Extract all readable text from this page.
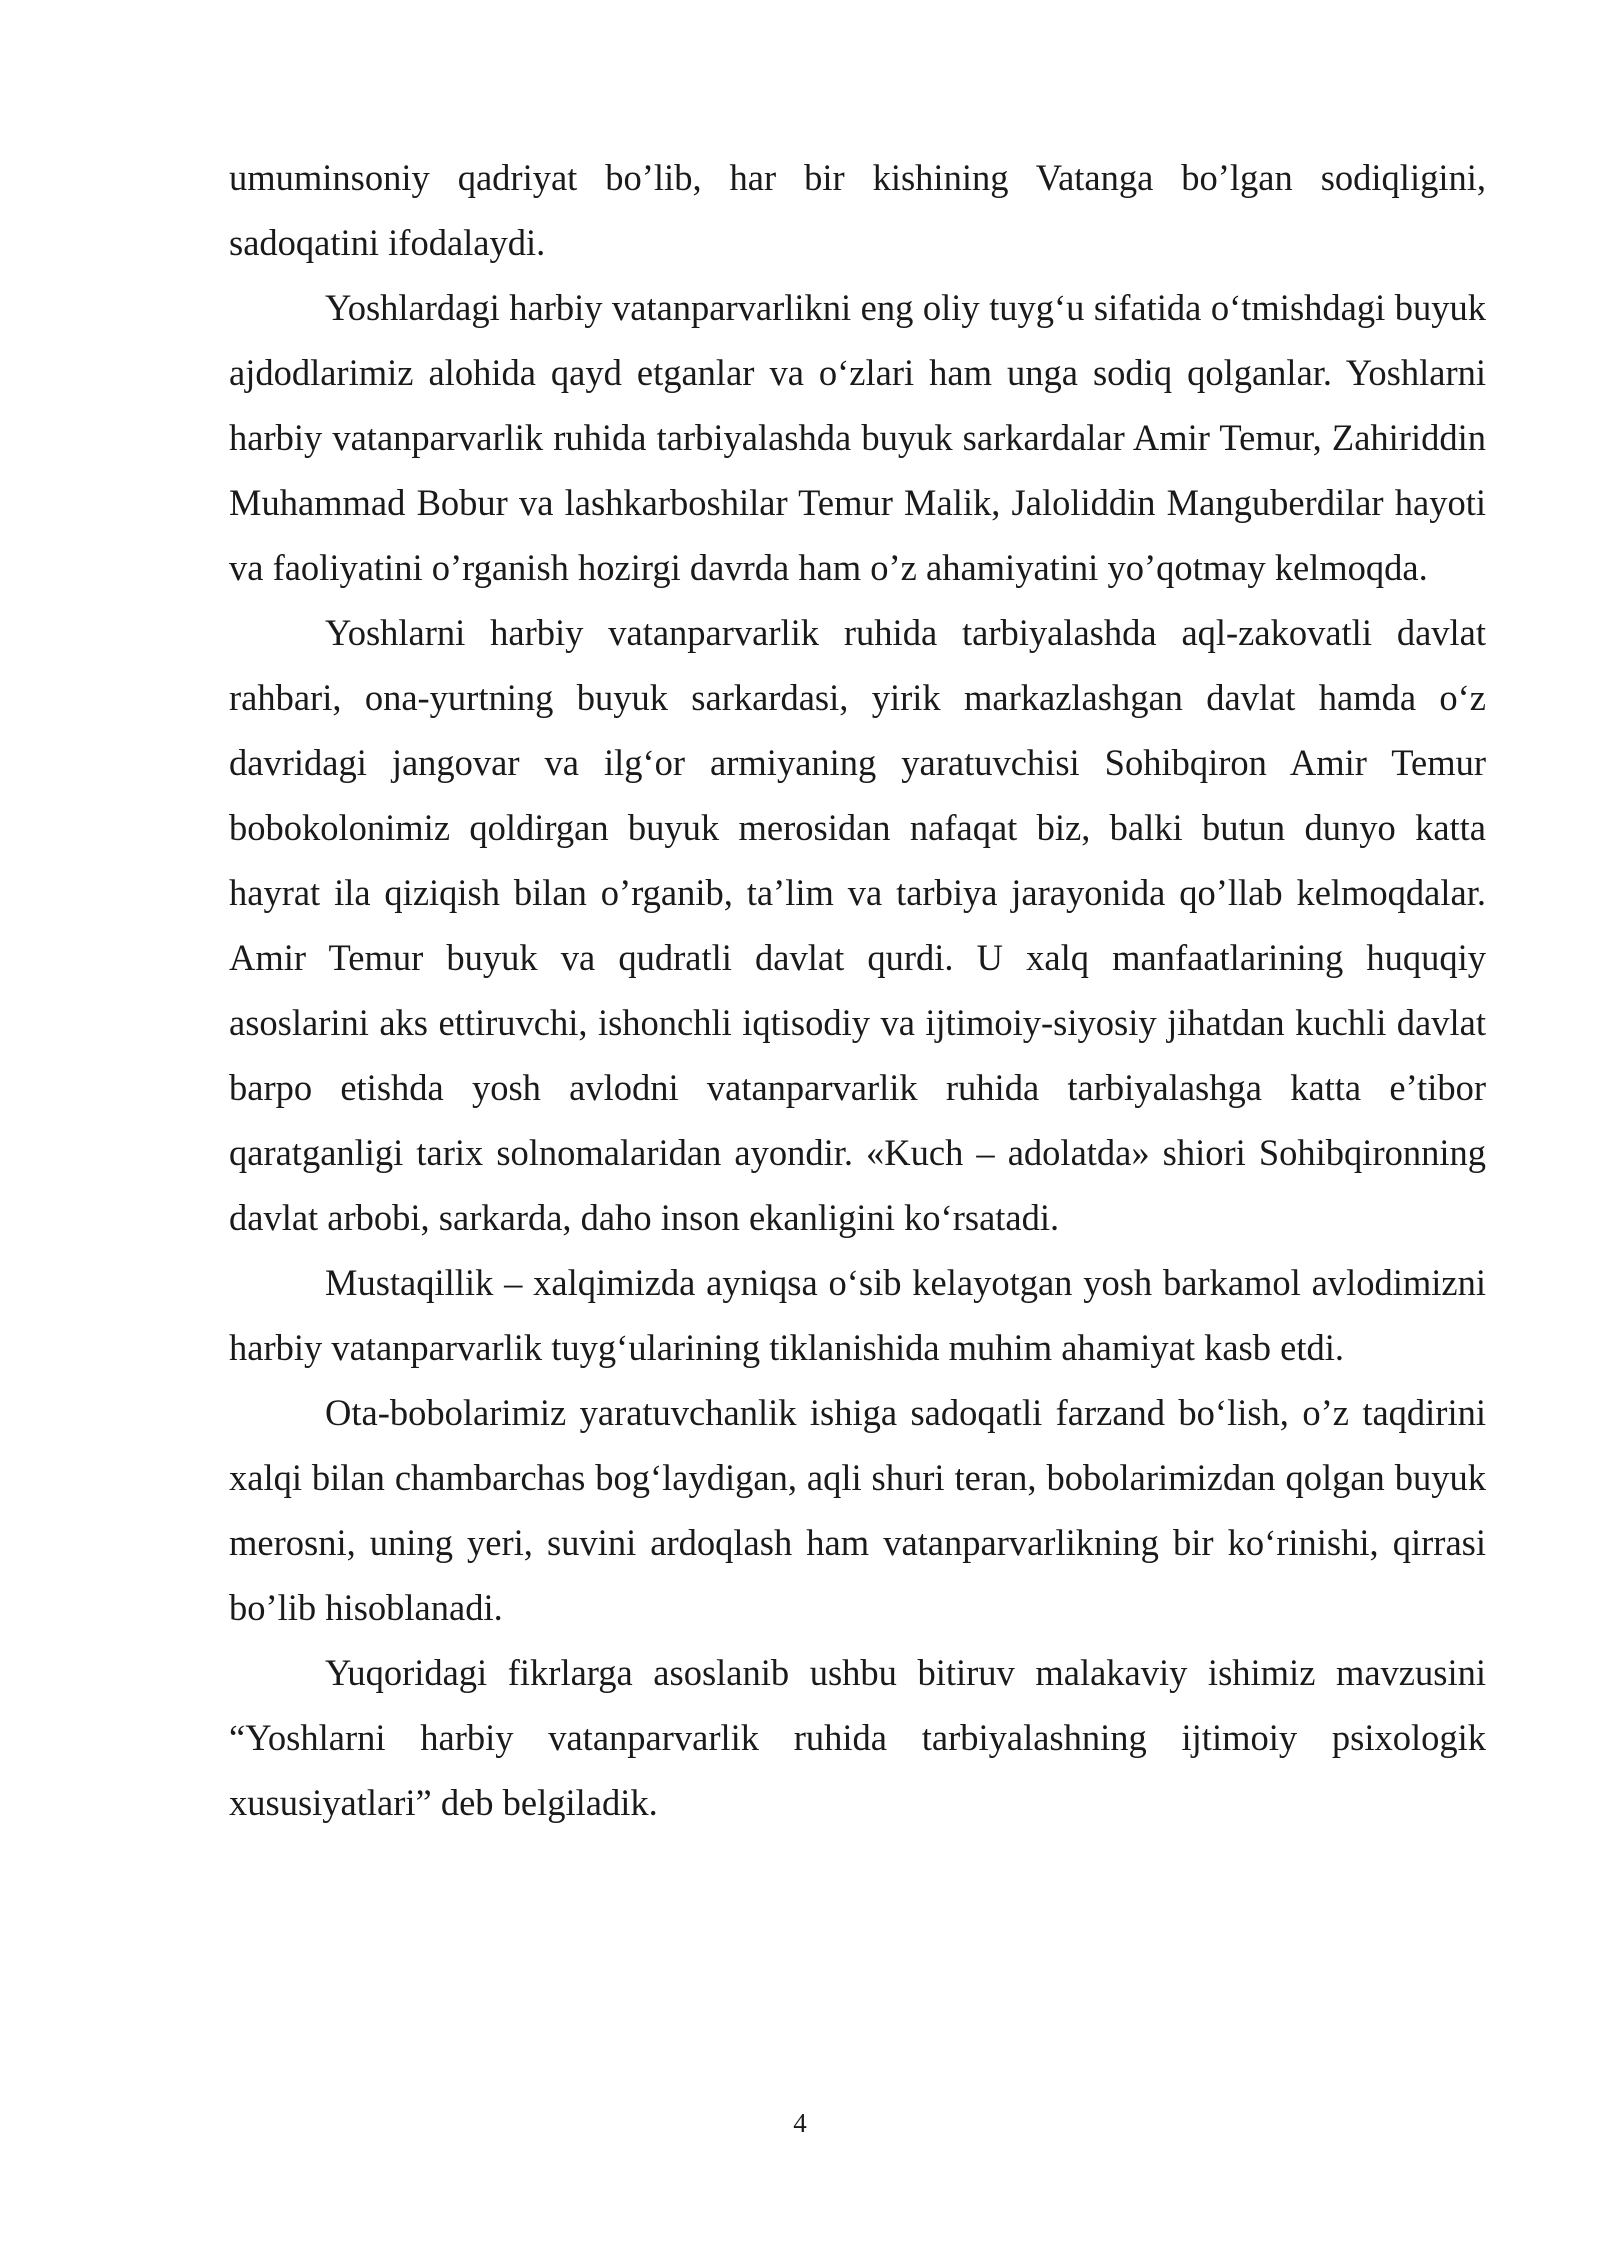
umuminsoniy qadriyat bo’lib, har bir kishining Vatanga bo’lgan sodiqligini, sadoqatini ifodalaydi.

Yoshlardagi harbiy vatanparvarlikni eng oliy tuyg‘u sifatida o‘tmishdagi buyuk ajdodlarimiz alohida qayd etganlar va o‘zlari ham unga sodiq qolganlar. Yoshlarni harbiy vatanparvarlik ruhida tarbiyalashda buyuk sarkardalar Amir Temur, Zahiriddin Muhammad Bobur va lashkarboshilar Temur Malik, Jaloliddin Manguberdilar hayoti va faoliyatini o’rganish hozirgi davrda ham o’z ahamiyatini yo’qotmay kelmoqda.

Yoshlarni harbiy vatanparvarlik ruhida tarbiyalashda aql-zakovatli davlat rahbari, ona-yurtning buyuk sarkardasi, yirik markazlashgan davlat hamda o‘z davridagi jangovar va ilg‘or armiyaning yaratuvchisi Sohibqiron Amir Temur bobokolonimiz qoldirgan buyuk merosidan nafaqat biz, balki butun dunyo katta hayrat ila qiziqish bilan o’rganib, ta’lim va tarbiya jarayonida qo’llab kelmoqdalar. Amir Temur buyuk va qudratli davlat qurdi. U xalq manfaatlarining huquqiy asoslarini aks ettiruvchi, ishonchli iqtisodiy va ijtimoiy-siyosiy jihatdan kuchli davlat barpo etishda yosh avlodni vatanparvarlik ruhida tarbiyalashga katta e’tibor qaratganligi tarix solnomalaridan ayondir. «Kuch – adolatda» shiori Sohibqironning davlat arbobi, sarkarda, daho inson ekanligini ko‘rsatadi.

Mustaqillik – xalqimizda ayniqsa o‘sib kelayotgan yosh barkamol avlodimizni harbiy vatanparvarlik tuyg‘ularining tiklanishida muhim ahamiyat kasb etdi.

Ota-bobolarimiz yaratuvchanlik ishiga sadoqatli farzand bo‘lish, o’z taqdirini xalqi bilan chambarchas bog‘laydigan, aqli shuri teran, bobolarimizdan qolgan buyuk merosni, uning yeri, suvini ardoqlash ham vatanparvarlikning bir ko‘rinishi, qirrasi bo’lib hisoblanadi.

Yuqoridagi fikrlarga asoslanib ushbu bitiruv malakaviy ishimiz mavzusini “Yoshlarni harbiy vatanparvarlik ruhida tarbiyalashning ijtimoiy psixologik xususiyatlari” deb belgiladik.

4
